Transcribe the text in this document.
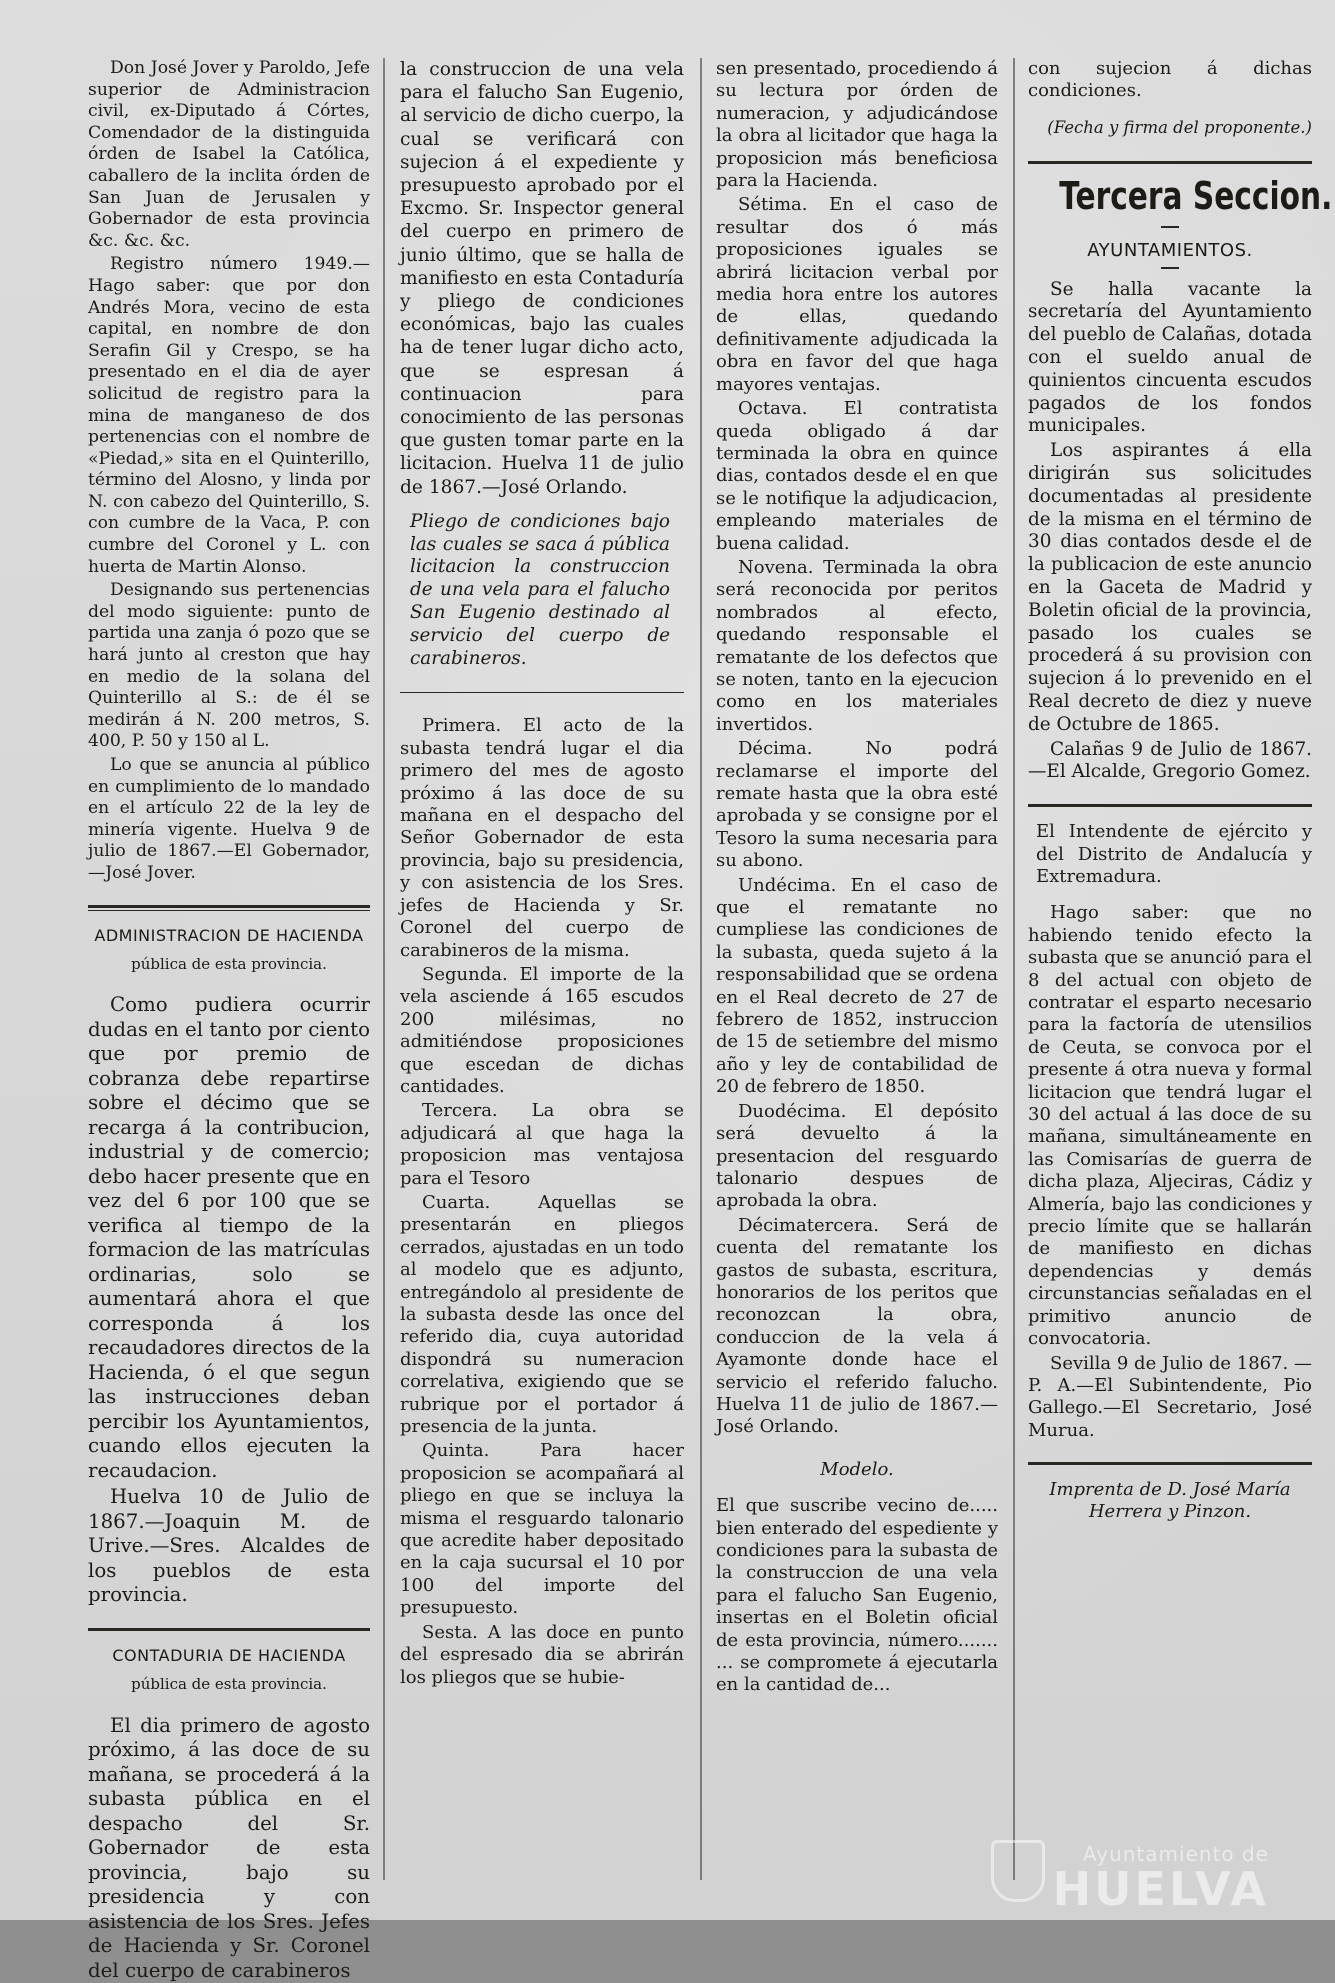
Don José Jover y Paroldo, Jefe superior de Administracion civil, ex-Diputado á Córtes, Comendador de la distinguida órden de Isabel la Católica, caballero de la inclita órden de San Juan de Jerusalen y Gobernador de esta provincia &c. &c. &c.

Registro número 1949.—Hago saber: que por don Andrés Mora, vecino de esta capital, en nombre de don Serafin Gil y Crespo, se ha presentado en el dia de ayer solicitud de registro para la mina de manganeso de dos pertenencias con el nombre de «Piedad,» sita en el Quinterillo, término del Alosno, y linda por N. con cabezo del Quinterillo, S. con cumbre de la Vaca, P. con cumbre del Coronel y L. con huerta de Martin Alonso.

Designando sus pertenencias del modo siguiente: punto de partida una zanja ó pozo que se hará junto al creston que hay en medio de la solana del Quinterillo al S.: de él se medirán á N. 200 metros, S. 400, P. 50 y 150 al L.

Lo que se anuncia al público en cumplimiento de lo mandado en el artículo 22 de la ley de minería vigente. Huelva 9 de julio de 1867.—El Gobernador, —José Jover.

ADMINISTRACION DE HACIENDA
pública de esta provincia.

Como pudiera ocurrir dudas en el tanto por ciento que por premio de cobranza debe repartirse sobre el décimo que se recarga á la contribucion, industrial y de comercio; debo hacer presente que en vez del 6 por 100 que se verifica al tiempo de la formacion de las matrículas ordinarias, solo se aumentará ahora el que corresponda á los recaudadores directos de la Hacienda, ó el que segun las instrucciones deban percibir los Ayuntamientos, cuando ellos ejecuten la recaudacion.

Huelva 10 de Julio de 1867.—Joaquin M. de Urive.—Sres. Alcaldes de los pueblos de esta provincia.

CONTADURIA DE HACIENDA
pública de esta provincia.

El dia primero de agosto próximo, á las doce de su mañana, se procederá á la subasta pública en el despacho del Sr. Gobernador de esta provincia, bajo su presidencia y con asistencia de los Sres. Jefes de Hacienda y Sr. Coronel del cuerpo de carabineros

la construccion de una vela para el falucho San Eugenio, al servicio de dicho cuerpo, la cual se verificará con sujecion á el expediente y presupuesto aprobado por el Excmo. Sr. Inspector general del cuerpo en primero de junio último, que se halla de manifiesto en esta Contaduría y pliego de condiciones económicas, bajo las cuales ha de tener lugar dicho acto, que se espresan á continuacion para conocimiento de las personas que gusten tomar parte en la licitacion. Huelva 11 de julio de 1867.—José Orlando.

Pliego de condiciones bajo las cuales se saca á pública licitacion la construccion de una vela para el falucho San Eugenio destinado al servicio del cuerpo de carabineros.

Primera. El acto de la subasta tendrá lugar el dia primero del mes de agosto próximo á las doce de su mañana en el despacho del Señor Gobernador de esta provincia, bajo su presidencia, y con asistencia de los Sres. jefes de Hacienda y Sr. Coronel del cuerpo de carabineros de la misma.

Segunda. El importe de la vela asciende á 165 escudos 200 milésimas, no admitiéndose proposiciones que escedan de dichas cantidades.

Tercera. La obra se adjudicará al que haga la proposicion mas ventajosa para el Tesoro

Cuarta. Aquellas se presentarán en pliegos cerrados, ajustadas en un todo al modelo que es adjunto, entregándolo al presidente de la subasta desde las once del referido dia, cuya autoridad dispondrá su numeracion correlativa, exigiendo que se rubrique por el portador á presencia de la junta.

Quinta. Para hacer proposicion se acompañará al pliego en que se incluya la misma el resguardo talonario que acredite haber depositado en la caja sucursal el 10 por 100 del importe del presupuesto.

Sesta. A las doce en punto del espresado dia se abrirán los pliegos que se hubie-

sen presentado, procediendo á su lectura por órden de numeracion, y adjudicándose la obra al licitador que haga la proposicion más beneficiosa para la Hacienda.

Sétima. En el caso de resultar dos ó más proposiciones iguales se abrirá licitacion verbal por media hora entre los autores de ellas, quedando definitivamente adjudicada la obra en favor del que haga mayores ventajas.

Octava. El contratista queda obligado á dar terminada la obra en quince dias, contados desde el en que se le notifique la adjudicacion, empleando materiales de buena calidad.

Novena. Terminada la obra será reconocida por peritos nombrados al efecto, quedando responsable el rematante de los defectos que se noten, tanto en la ejecucion como en los materiales invertidos.

Décima. No podrá reclamarse el importe del remate hasta que la obra esté aprobada y se consigne por el Tesoro la suma necesaria para su abono.

Undécima. En el caso de que el rematante no cumpliese las condiciones de la subasta, queda sujeto á la responsabilidad que se ordena en el Real decreto de 27 de febrero de 1852, instruccion de 15 de setiembre del mismo año y ley de contabilidad de 20 de febrero de 1850.

Duodécima. El depósito será devuelto á la presentacion del resguardo talonario despues de aprobada la obra.

Décimatercera. Será de cuenta del rematante los gastos de subasta, escritura, honorarios de los peritos que reconozcan la obra, conduccion de la vela á Ayamonte donde hace el servicio el referido falucho. Huelva 11 de julio de 1867.—José Orlando.

Modelo.

El que suscribe vecino de..... bien enterado del espediente y condiciones para la subasta de la construccion de una vela para el falucho San Eugenio, insertas en el Boletin oficial de esta provincia, número....... ... se compromete á ejecutarla en la cantidad de...

con sujecion á dichas condiciones.

(Fecha y firma del proponente.)

Tercera Seccion.
AYUNTAMIENTOS.

Se halla vacante la secretaría del Ayuntamiento del pueblo de Calañas, dotada con el sueldo anual de quinientos cincuenta escudos pagados de los fondos municipales.

Los aspirantes á ella dirigirán sus solicitudes documentadas al presidente de la misma en el término de 30 dias contados desde el de la publicacion de este anuncio en la Gaceta de Madrid y Boletin oficial de la provincia, pasado los cuales se procederá á su provision con sujecion á lo prevenido en el Real decreto de diez y nueve de Octubre de 1865.

Calañas 9 de Julio de 1867. —El Alcalde, Gregorio Gomez.

El Intendente de ejército y del Distrito de Andalucía y Extremadura.

Hago saber: que no habiendo tenido efecto la subasta que se anunció para el 8 del actual con objeto de contratar el esparto necesario para la factoría de utensilios de Ceuta, se convoca por el presente á otra nueva y formal licitacion que tendrá lugar el 30 del actual á las doce de su mañana, simultáneamente en las Comisarías de guerra de dicha plaza, Aljeciras, Cádiz y Almería, bajo las condiciones y precio límite que se hallarán de manifiesto en dichas dependencias y demás circunstancias señaladas en el primitivo anuncio de convocatoria.

Sevilla 9 de Julio de 1867. —P. A.—El Subintendente, Pio Gallego.—El Secretario, José Murua.

Imprenta de D. José María Herrera y Pinzon.

Ayuntamiento de
HUELVA
